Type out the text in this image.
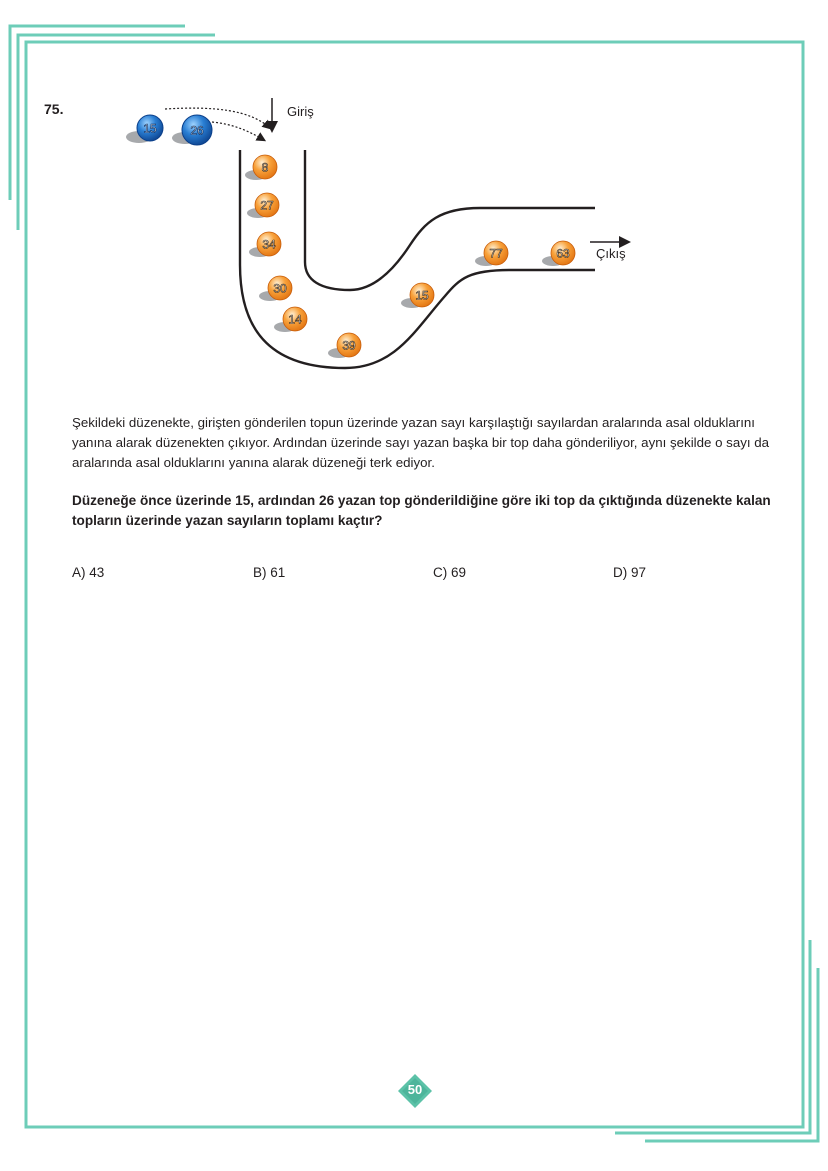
75.	Giriş
Çıkış
15	26
8
27
34
30
14
39
15
77	63

Şekildeki düzenekte, girişten gönderilen topun üzerinde yazan sayı karşılaştığı sayılardan aralarında asal olduklarını yanına alarak düzenekten çıkıyor. Ardından üzerinde sayı yazan başka bir top daha gönderiliyor, aynı şekilde o sayı da aralarında asal olduklarını yanına alarak düzeneği terk ediyor.

Düzeneğe önce üzerinde 15, ardından 26 yazan top gönderildiğine göre iki top da çıktığında düzenekte kalan topların üzerinde yazan sayıların toplamı kaçtır?

A) 43	B) 61	C) 69	D) 97
50
